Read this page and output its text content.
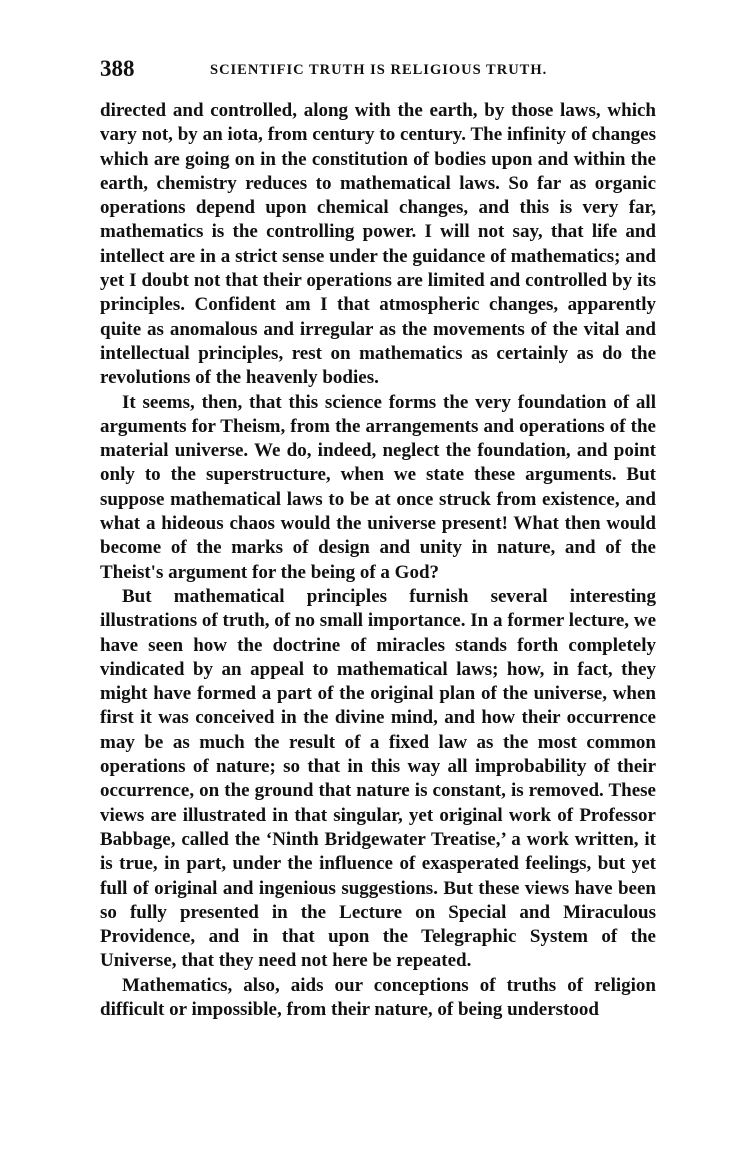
388	SCIENTIFIC TRUTH IS RELIGIOUS TRUTH.

directed and controlled, along with the earth, by those laws, which vary not, by an iota, from century to century. The infinity of changes which are going on in the constitution of bodies upon and within the earth, chemistry reduces to mathematical laws. So far as organic operations depend upon chemical changes, and this is very far, mathematics is the controlling power. I will not say, that life and intellect are in a strict sense under the guidance of mathematics; and yet I doubt not that their operations are limited and controlled by its principles. Confident am I that atmospheric changes, apparently quite as anomalous and irregular as the movements of the vital and intellectual principles, rest on mathematics as certainly as do the revolutions of the heavenly bodies.

It seems, then, that this science forms the very foundation of all arguments for Theism, from the arrangements and operations of the material universe. We do, indeed, neglect the foundation, and point only to the superstructure, when we state these arguments. But suppose mathematical laws to be at once struck from existence, and what a hideous chaos would the universe present! What then would become of the marks of design and unity in nature, and of the Theist's argument for the being of a God?

But mathematical principles furnish several interesting illustrations of truth, of no small importance. In a former lecture, we have seen how the doctrine of miracles stands forth completely vindicated by an appeal to mathematical laws; how, in fact, they might have formed a part of the original plan of the universe, when first it was conceived in the divine mind, and how their occurrence may be as much the result of a fixed law as the most common operations of nature; so that in this way all improbability of their occurrence, on the ground that nature is constant, is removed. These views are illustrated in that singular, yet original work of Professor Babbage, called the ‘Ninth Bridgewater Treatise,’ a work written, it is true, in part, under the influence of exasperated feelings, but yet full of original and ingenious suggestions. But these views have been so fully presented in the Lecture on Special and Miraculous Providence, and in that upon the Telegraphic System of the Universe, that they need not here be repeated.

Mathematics, also, aids our conceptions of truths of religion difficult or impossible, from their nature, of being understood
